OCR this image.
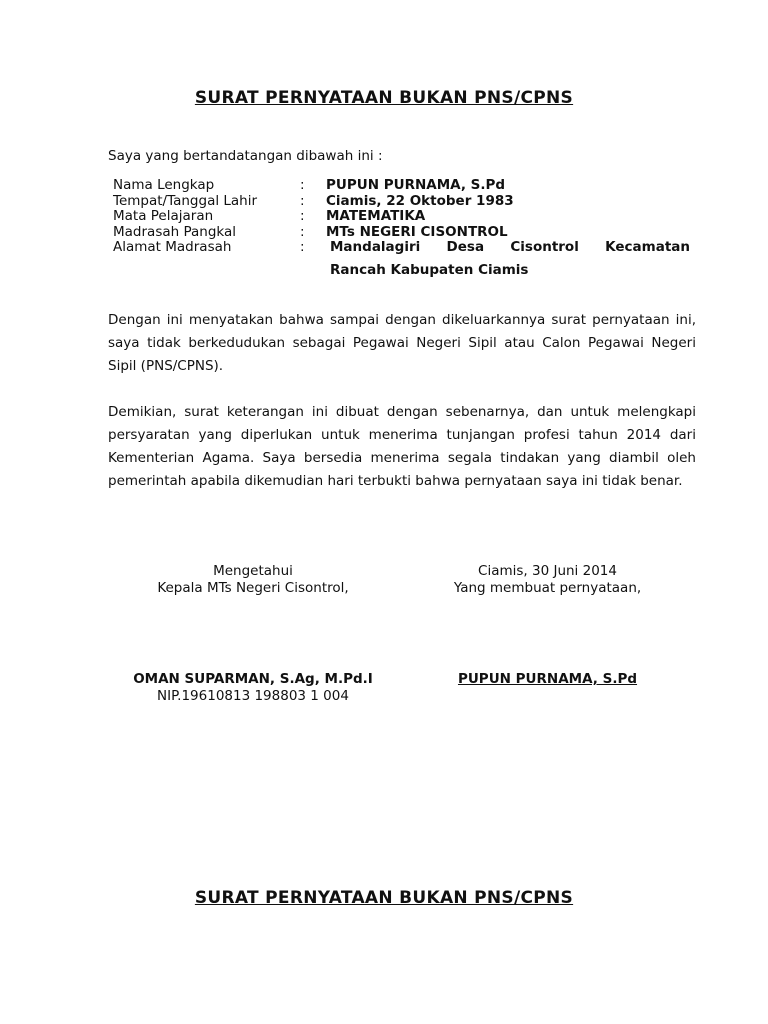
SURAT PERNYATAAN BUKAN PNS/CPNS
Saya yang bertandatangan dibawah ini :
Nama Lengkap	:	PUPUN PURNAMA, S.Pd
Tempat/Tanggal Lahir	:	Ciamis, 22 Oktober 1983
Mata Pelajaran	:	MATEMATIKA
Madrasah Pangkal	:	MTs NEGERI CISONTROL
Alamat Madrasah	:	Mandalagiri Desa Cisontrol Kecamatan
Rancah Kabupaten Ciamis

Dengan ini menyatakan bahwa sampai dengan dikeluarkannya surat pernyataan ini, saya tidak berkedudukan sebagai Pegawai Negeri Sipil atau Calon Pegawai Negeri Sipil (PNS/CPNS).

Demikian, surat keterangan ini dibuat dengan sebenarnya, dan untuk melengkapi persyaratan yang diperlukan untuk menerima tunjangan profesi tahun 2014 dari Kementerian Agama. Saya bersedia menerima segala tindakan yang diambil oleh pemerintah apabila dikemudian hari terbukti bahwa pernyataan saya ini tidak benar.

Mengetahui
Kepala MTs Negeri Cisontrol,
Ciamis, 30 Juni 2014
Yang membuat pernyataan,
OMAN SUPARMAN, S.Ag, M.Pd.I
NIP.19610813 198803 1 004
PUPUN PURNAMA, S.Pd
SURAT PERNYATAAN BUKAN PNS/CPNS
